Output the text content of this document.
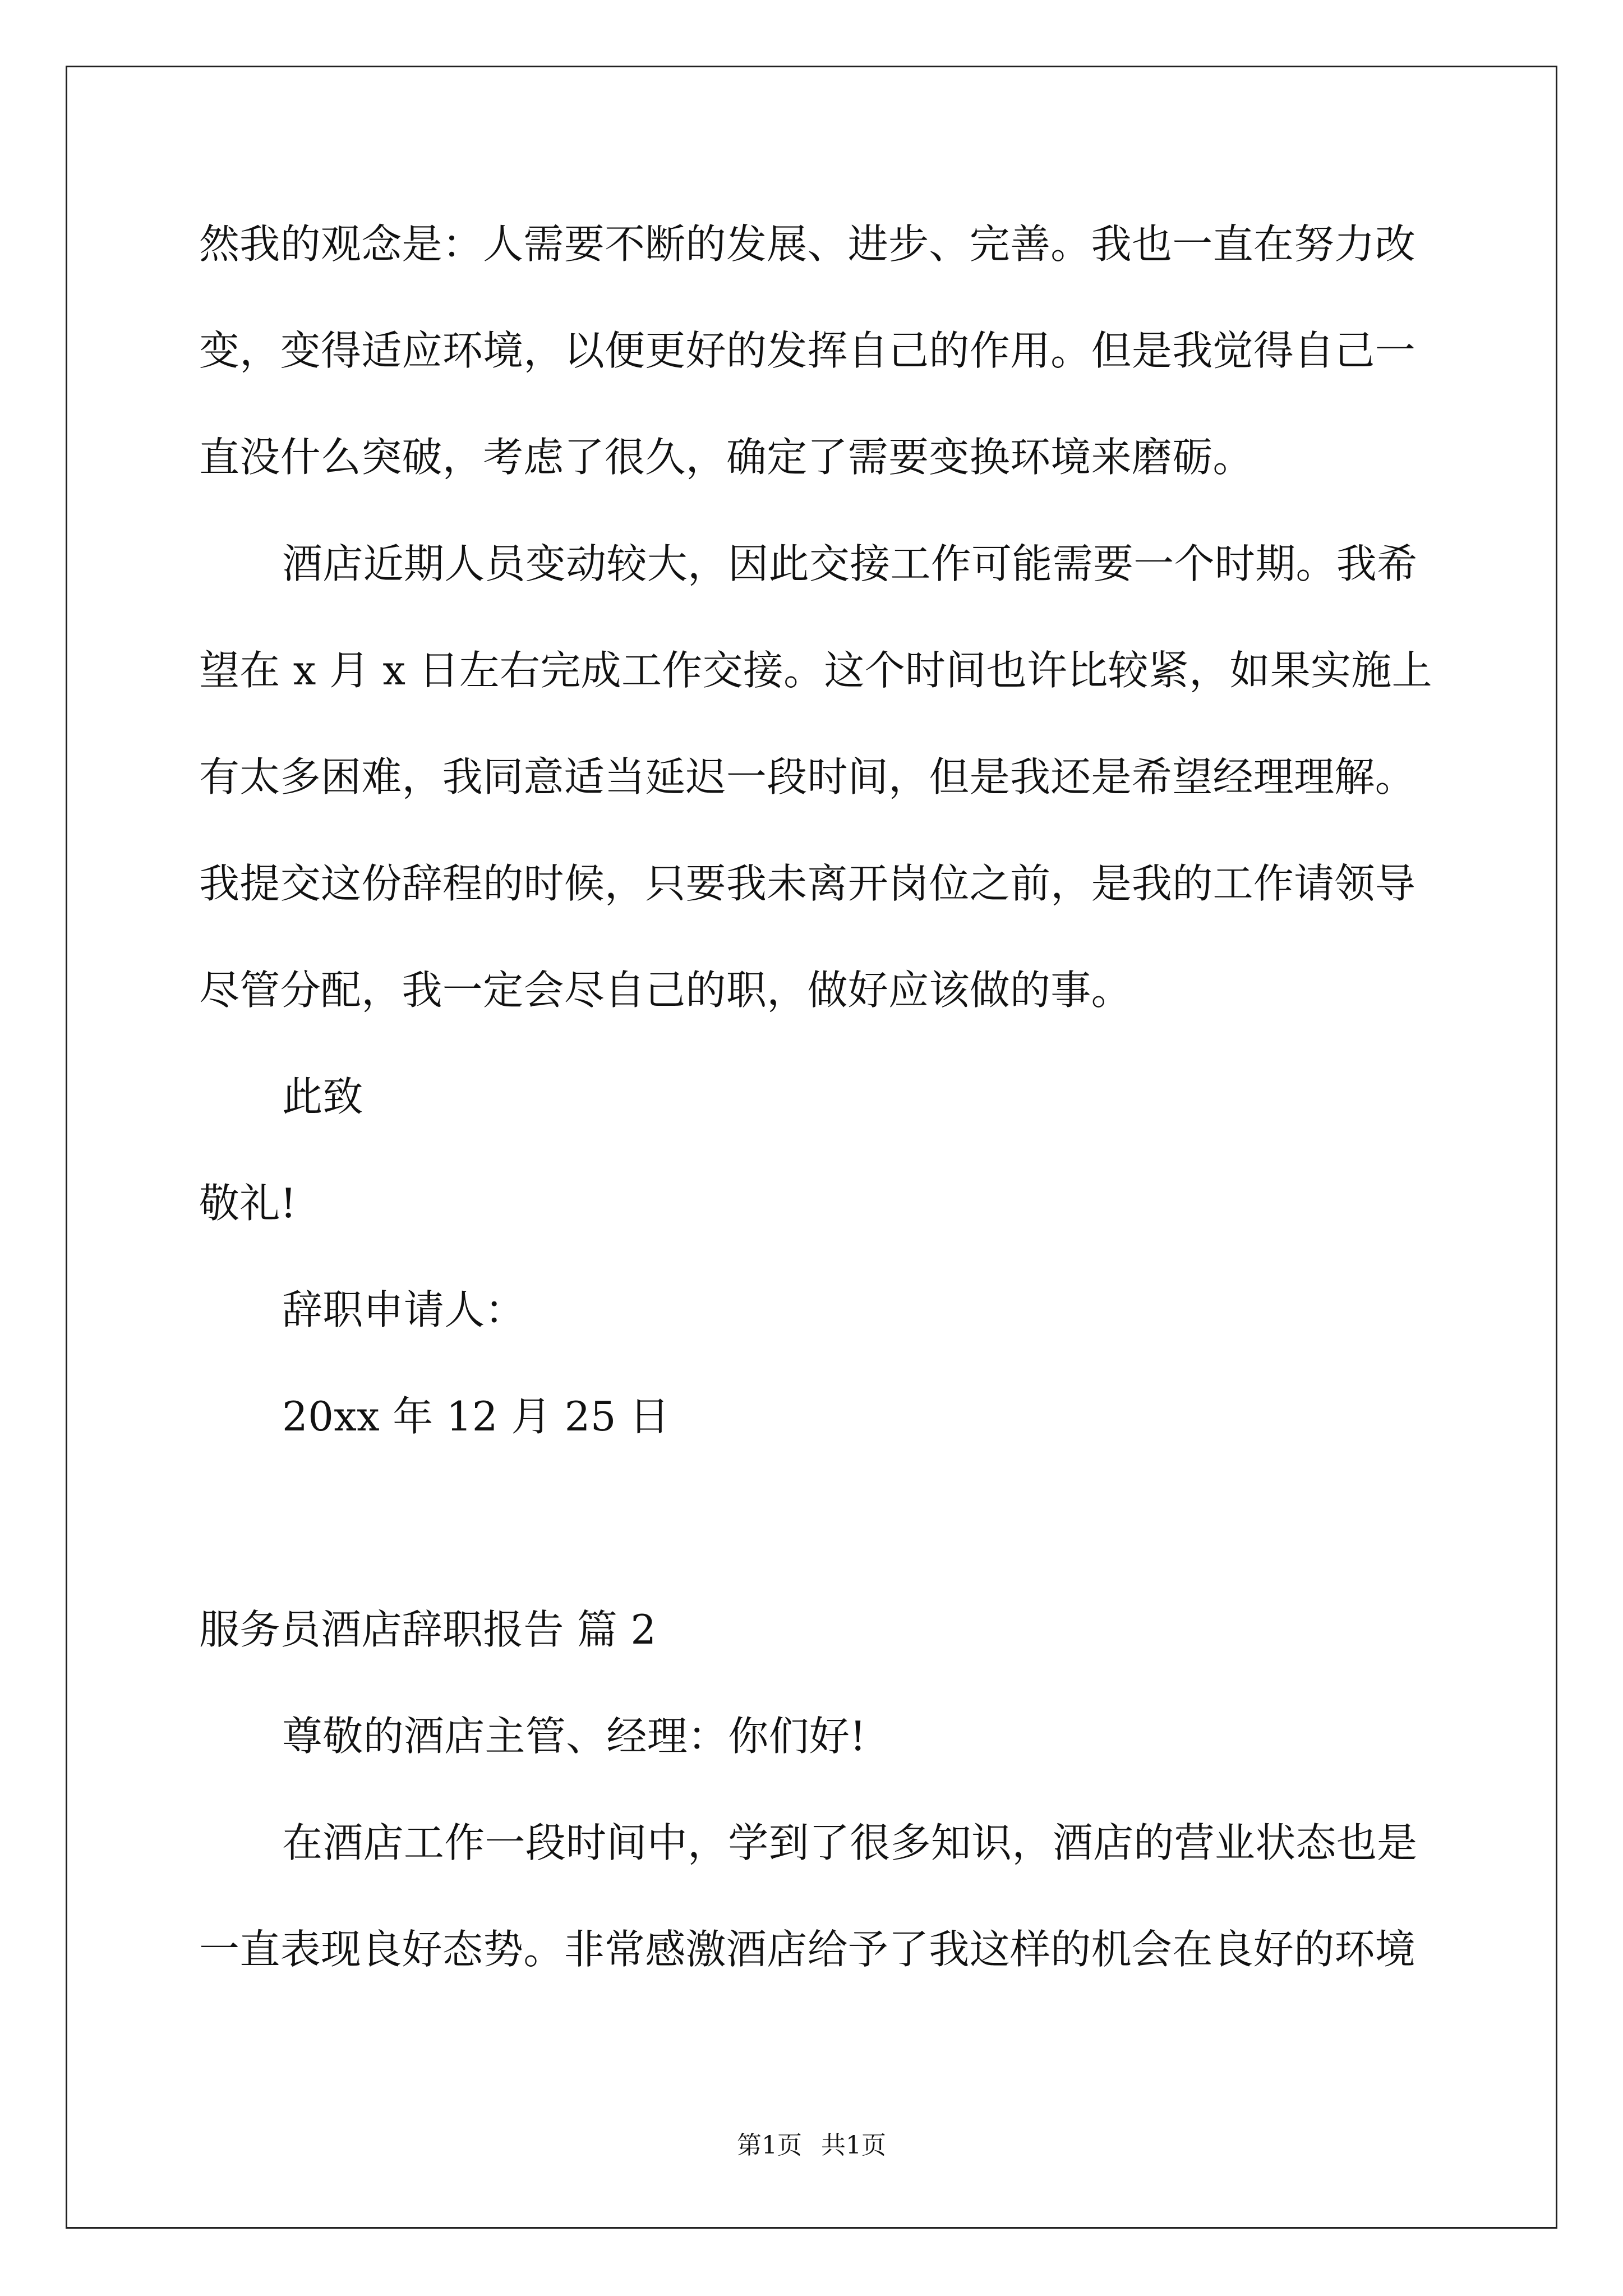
然我的观念是：人需要不断的发展、进步、完善。我也一直在努力改
变，变得适应环境，以便更好的发挥自己的作用。但是我觉得自己一
直没什么突破，考虑了很久，确定了需要变换环境来磨砺。
酒店近期人员变动较大，因此交接工作可能需要一个时期。我希
望在 x 月 x 日左右完成工作交接。这个时间也许比较紧，如果实施上
有太多困难，我同意适当延迟一段时间，但是我还是希望经理理解。
我提交这份辞程的时候，只要我未离开岗位之前，是我的工作请领导
尽管分配，我一定会尽自己的职，做好应该做的事。
此致
敬礼!
辞职申请人：
20xx 年 12 月 25 日
服务员酒店辞职报告 篇 2
尊敬的酒店主管、经理：你们好!
在酒店工作一段时间中，学到了很多知识，酒店的营业状态也是
一直表现良好态势。非常感激酒店给予了我这样的机会在良好的环境
第1页 共1页
